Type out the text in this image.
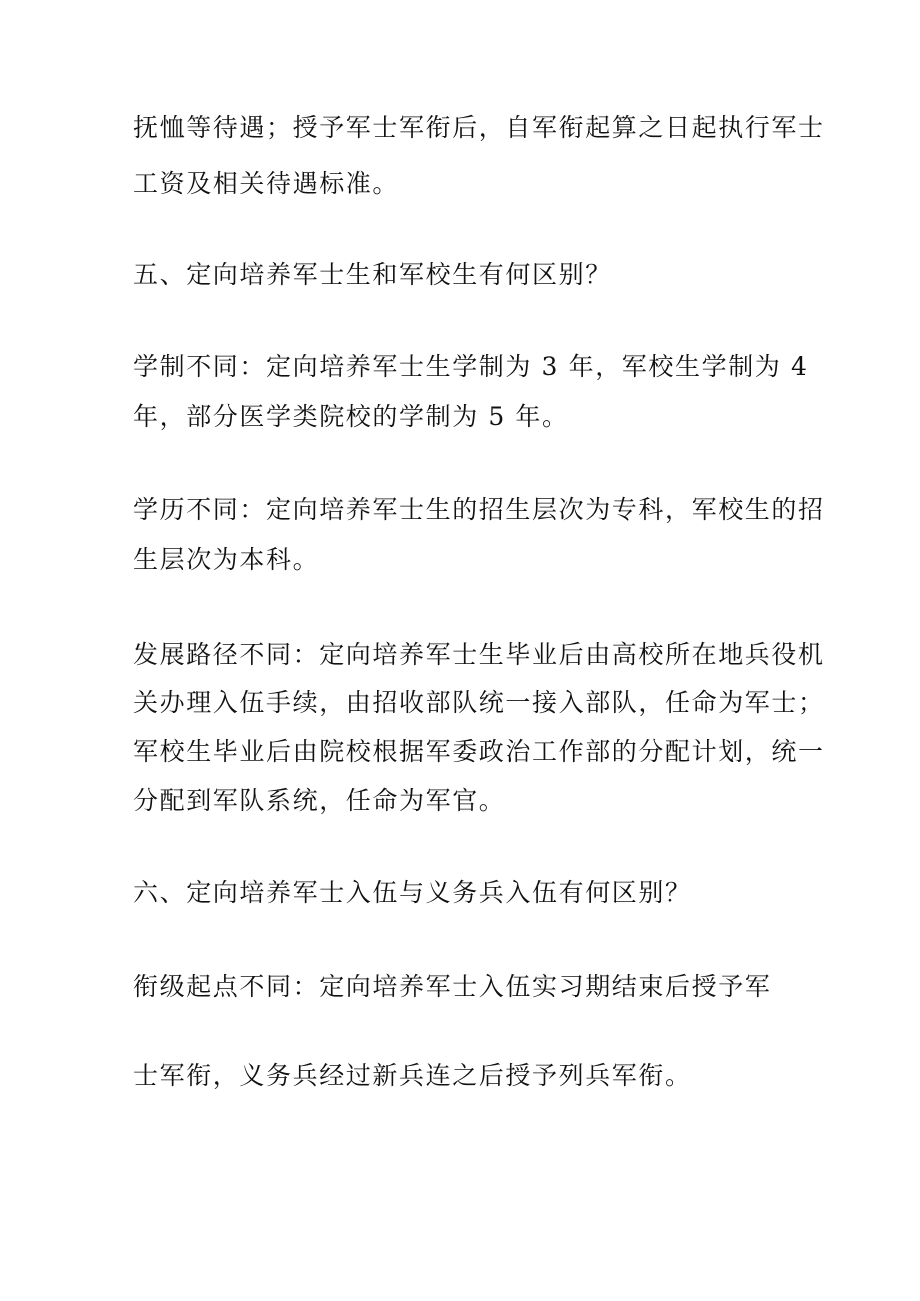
抚恤等待遇；授予军士军衔后，自军衔起算之日起执行军士

工资及相关待遇标准。

五、定向培养军士生和军校生有何区别？

学制不同：定向培养军士生学制为 3 年，军校生学制为 4

年，部分医学类院校的学制为 5 年。

学历不同：定向培养军士生的招生层次为专科，军校生的招

生层次为本科。

发展路径不同：定向培养军士生毕业后由高校所在地兵役机

关办理入伍手续，由招收部队统一接入部队，任命为军士；

军校生毕业后由院校根据军委政治工作部的分配计划，统一

分配到军队系统，任命为军官。

六、定向培养军士入伍与义务兵入伍有何区别？

衔级起点不同：定向培养军士入伍实习期结束后授予军

士军衔，义务兵经过新兵连之后授予列兵军衔。
